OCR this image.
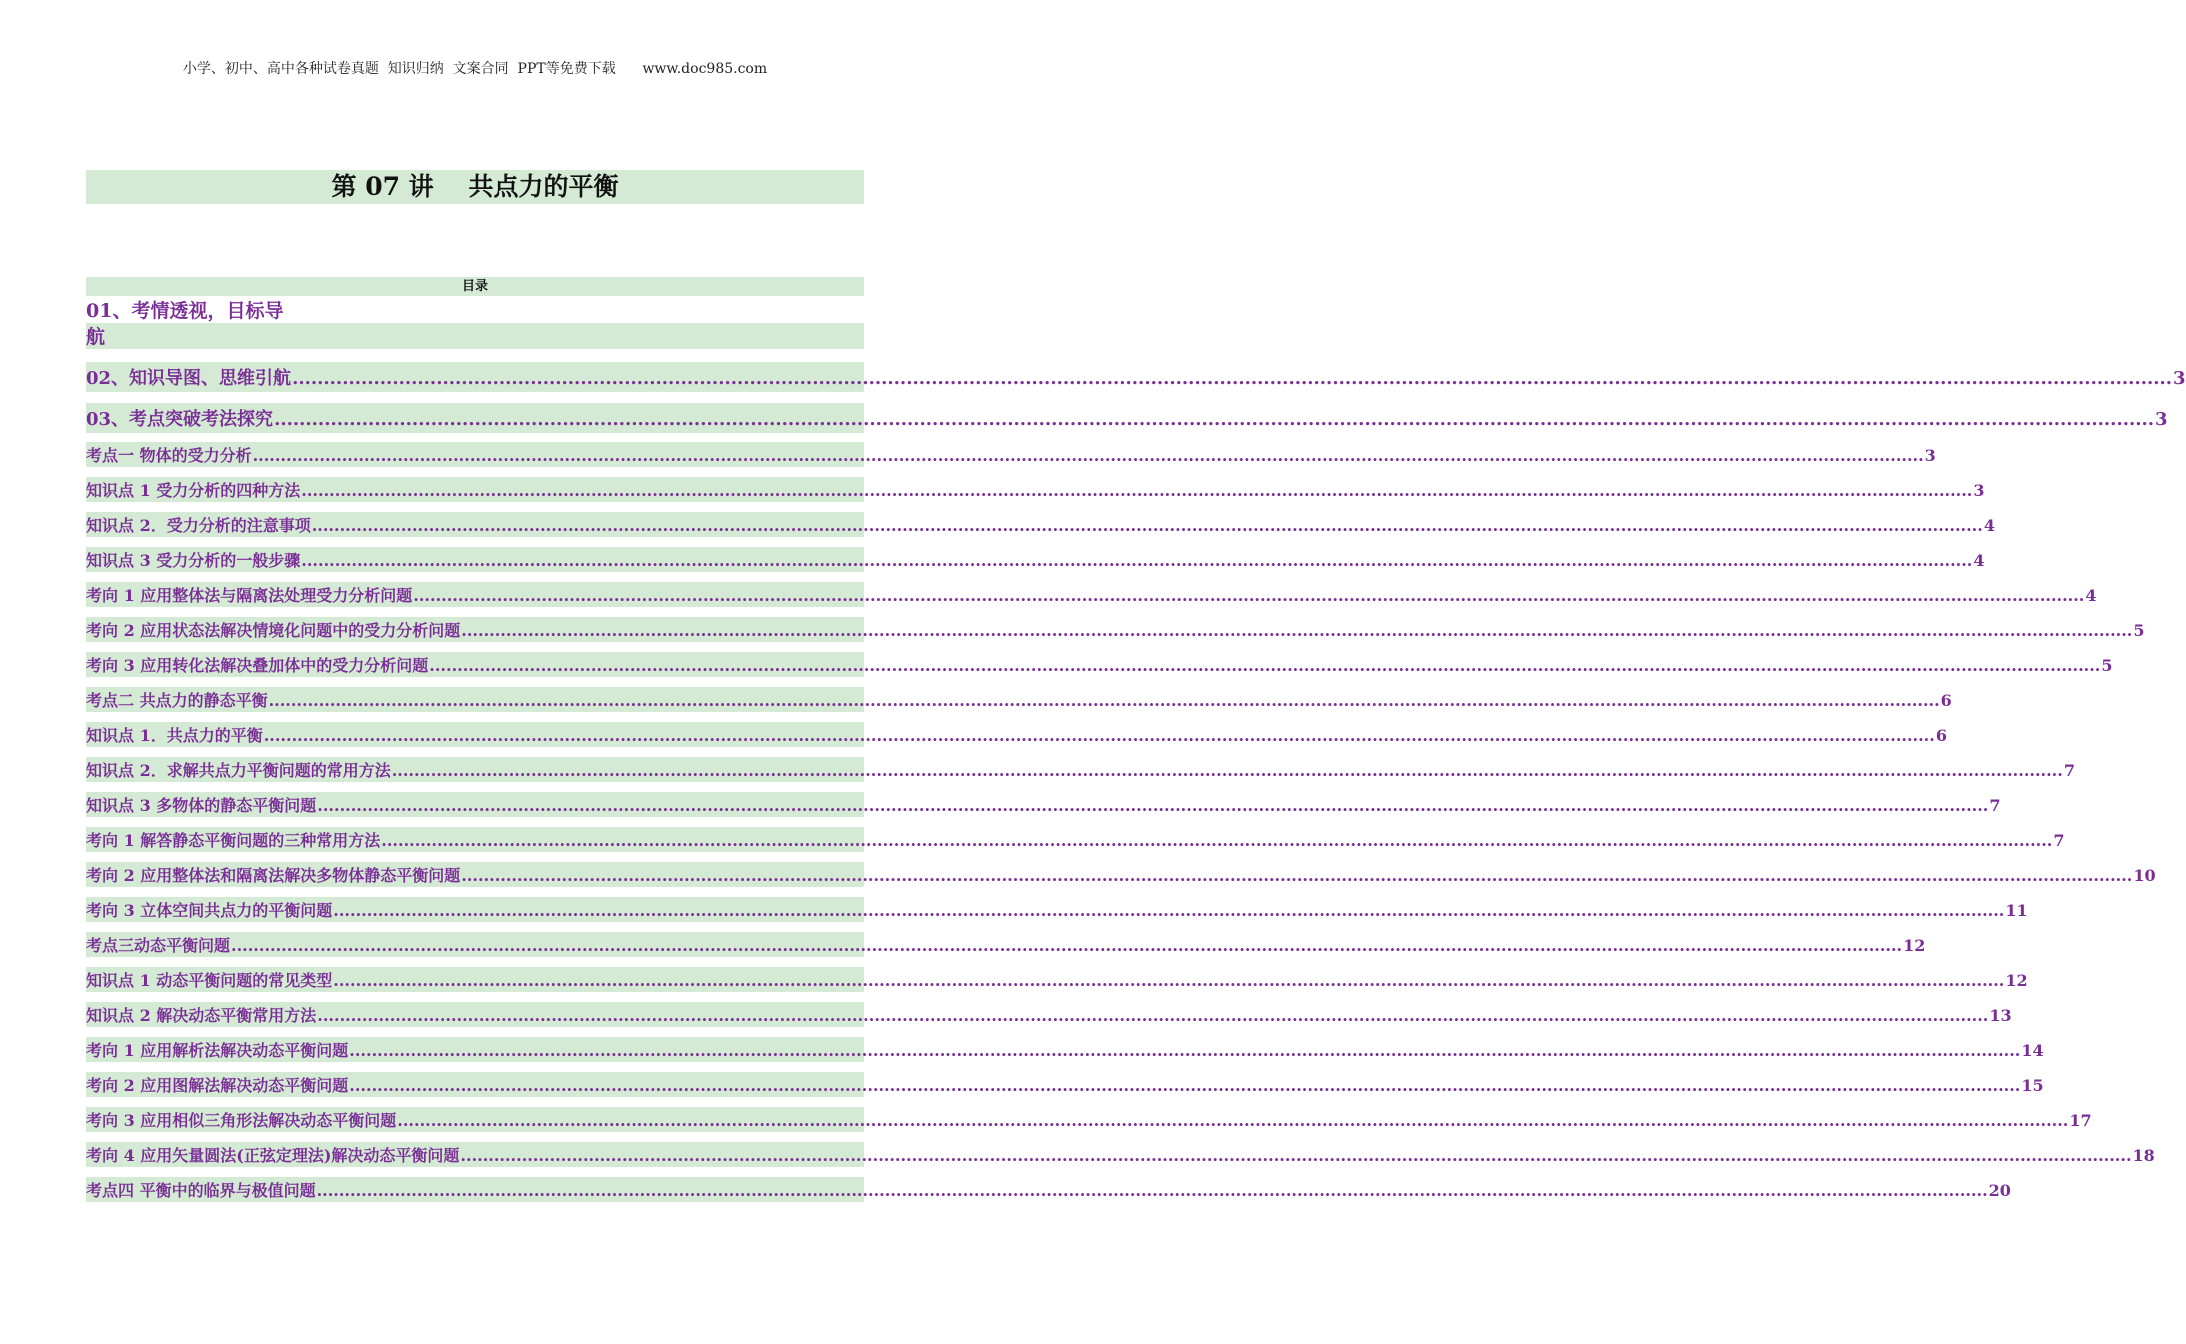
小学、初中、高中各种试卷真题  知识归纳  文案合同  PPT等免费下载      www.doc985.com
第 07 讲    共点力的平衡
目录
01、考情透视，目标导
航
02、知识导图、思维引航 ............................................................................................................................................................................................................................................................................................................ 3
03、考点突破考法探究 ............................................................................................................................................................................................................................................................................................................ 3
考点一 物体的受力分析 ............................................................................................................................................................................................................................................................................................................ 3
知识点 1 受力分析的四种方法 ............................................................................................................................................................................................................................................................................................................ 3
知识点 2．受力分析的注意事项 ............................................................................................................................................................................................................................................................................................................ 4
知识点 3 受力分析的一般步骤 ............................................................................................................................................................................................................................................................................................................ 4
考向 1 应用整体法与隔离法处理受力分析问题 ............................................................................................................................................................................................................................................................................................................ 4
考向 2 应用状态法解决情境化问题中的受力分析问题 ............................................................................................................................................................................................................................................................................................................ 5
考向 3 应用转化法解决叠加体中的受力分析问题 ............................................................................................................................................................................................................................................................................................................ 5
考点二 共点力的静态平衡 ............................................................................................................................................................................................................................................................................................................ 6
知识点 1．共点力的平衡 ............................................................................................................................................................................................................................................................................................................ 6
知识点 2．求解共点力平衡问题的常用方法 ............................................................................................................................................................................................................................................................................................................ 7
知识点 3 多物体的静态平衡问题 ............................................................................................................................................................................................................................................................................................................ 7
考向 1 解答静态平衡问题的三种常用方法 ............................................................................................................................................................................................................................................................................................................ 7
考向 2 应用整体法和隔离法解决多物体静态平衡问题 ............................................................................................................................................................................................................................................................................................................ 10
考向 3 立体空间共点力的平衡问题 ............................................................................................................................................................................................................................................................................................................ 11
考点三动态平衡问题 ............................................................................................................................................................................................................................................................................................................ 12
知识点 1 动态平衡问题的常见类型 ............................................................................................................................................................................................................................................................................................................ 12
知识点 2 解决动态平衡常用方法 ............................................................................................................................................................................................................................................................................................................ 13
考向 1 应用解析法解决动态平衡问题 ............................................................................................................................................................................................................................................................................................................ 14
考向 2 应用图解法解决动态平衡问题 ............................................................................................................................................................................................................................................................................................................ 15
考向 3 应用相似三角形法解决动态平衡问题 ............................................................................................................................................................................................................................................................................................................ 17
考向 4 应用矢量圆法(正弦定理法)解决动态平衡问题 ............................................................................................................................................................................................................................................................................................................ 18
考点四 平衡中的临界与极值问题 ............................................................................................................................................................................................................................................................................................................ 20
